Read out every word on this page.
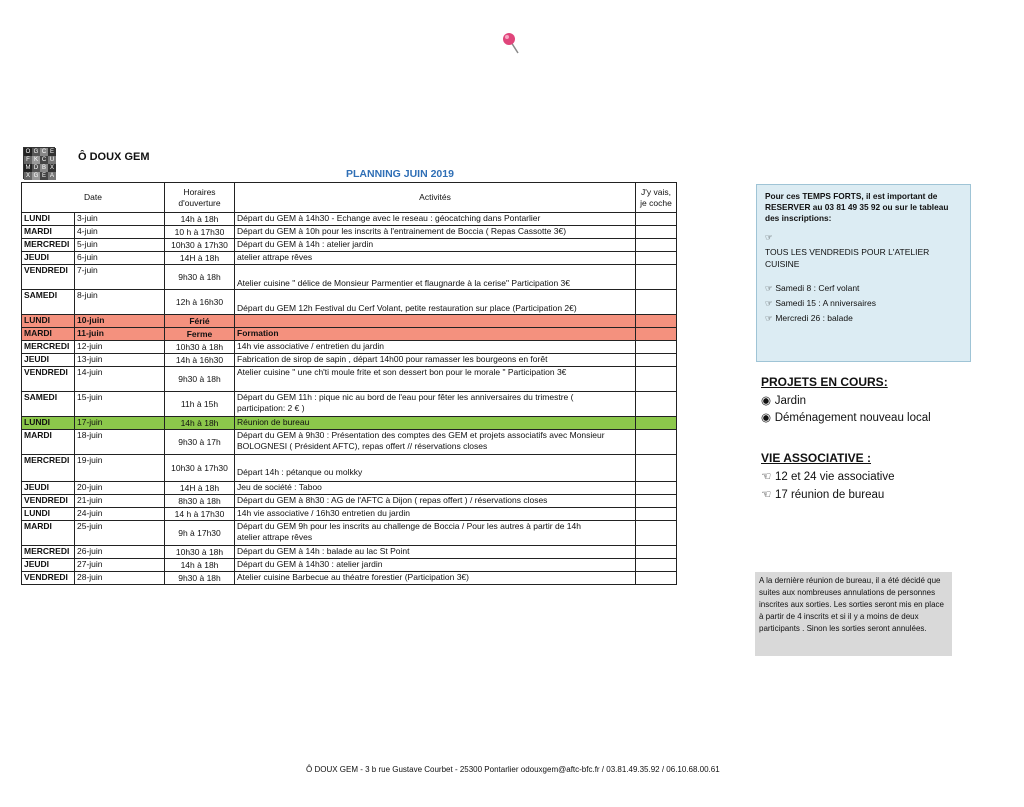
O G C E
F K C U
M D B X
X G E A
Ô DOUX GEM
PLANNING JUIN 2019
Date		Horaires d'ouverture	Activités	J'y vais, je coche
LUNDI	3-juin	14h à 18h	Départ du GEM à 14h30 - Echange avec le reseau : géocatching dans Pontarlier	

MARDI	4-juin	10 h à 17h30	Départ du GEM à 10h pour les inscrits à l'entrainement de Boccia ( Repas Cassotte 3€)	

MERCREDI	5-juin	10h30 à 17h30	Départ du GEM à 14h : atelier jardin	

JEUDI	6-juin	14H à 18h	atelier attrape rêves	

VENDREDI	7-juin	9h30 à 18h	Atelier cuisine " délice de Monsieur Parmentier et flaugnarde à la cerise" Participation 3€	

SAMEDI	8-juin	12h à 16h30	Départ du GEM 12h Festival du Cerf Volant, petite restauration sur place (Participation 2€)	

LUNDI	10-juin	Férié	

MARDI	11-juin	Ferme	Formation	

MERCREDI	12-juin	10h30 à 18h	14h vie associative / entretien du jardin	

JEUDI	13-juin	14h à 16h30	Fabrication de sirop de sapin , départ 14h00 pour ramasser les bourgeons en forêt	

VENDREDI	14-juin	9h30 à 18h	Atelier cuisine " une ch'ti moule frite et son dessert bon pour le morale " Participation 3€	

SAMEDI	15-juin	11h à 15h	Départ du GEM 11h : pique nic au bord de l'eau pour fêter les anniversaires du trimestre (
participation: 2 € )	

LUNDI	17-juin	14h à 18h	Réunion de bureau	

MARDI	18-juin	9h30 à 17h	Départ du GEM à 9h30 : Présentation des comptes des GEM et projets associatifs avec Monsieur
BOLOGNESI ( Président AFTC), repas offert // réservations closes	

MERCREDI	19-juin	10h30 à 17h30	Départ 14h : pétanque ou molkky	

JEUDI	20-juin	14H à 18h	Jeu de société : Taboo	

VENDREDI	21-juin	8h30 à 18h	Départ du GEM à 8h30 : AG de l'AFTC à Dijon ( repas offert ) / réservations closes	

LUNDI	24-juin	14 h à 17h30	14h vie associative / 16h30 entretien du jardin	

MARDI	25-juin	9h à 17h30	Départ du GEM 9h pour les inscrits au challenge de Boccia / Pour les autres à partir de 14h
atelier attrape rêves	

MERCREDI	26-juin	10h30 à 18h	Départ du GEM à 14h : balade au lac St Point	

JEUDI	27-juin	14h à 18h	Départ du GEM à 14h30 : atelier jardin	

VENDREDI	28-juin	9h30 à 18h	Atelier cuisine Barbecue au théatre forestier (Participation 3€)	

Pour ces TEMPS FORTS, il est important de RESERVER au 03 81 49 35 92 ou sur le tableau des inscriptions:
☞
TOUS LES VENDREDIS POUR L'ATELIER CUISINE
☞ Samedi 8 : Cerf volant
☞ Samedi 15 : A nniversaires
☞ Mercredi 26 : balade
PROJETS EN COURS:
◉ Jardin
◉ Déménagement nouveau local
VIE ASSOCIATIVE :
☜ 12 et 24 vie associative
☜ 17 réunion de bureau
A la dernière réunion de bureau, il a été décidé que suites aux nombreuses annulations de personnes inscrites aux sorties. Les sorties seront mis en place à partir de 4 inscrits et si il y a moins de deux participants . Sinon les sorties seront annulées.
Ô DOUX GEM - 3 b rue Gustave Courbet - 25300 Pontarlier odouxgem@aftc-bfc.fr / 03.81.49.35.92 / 06.10.68.00.61
